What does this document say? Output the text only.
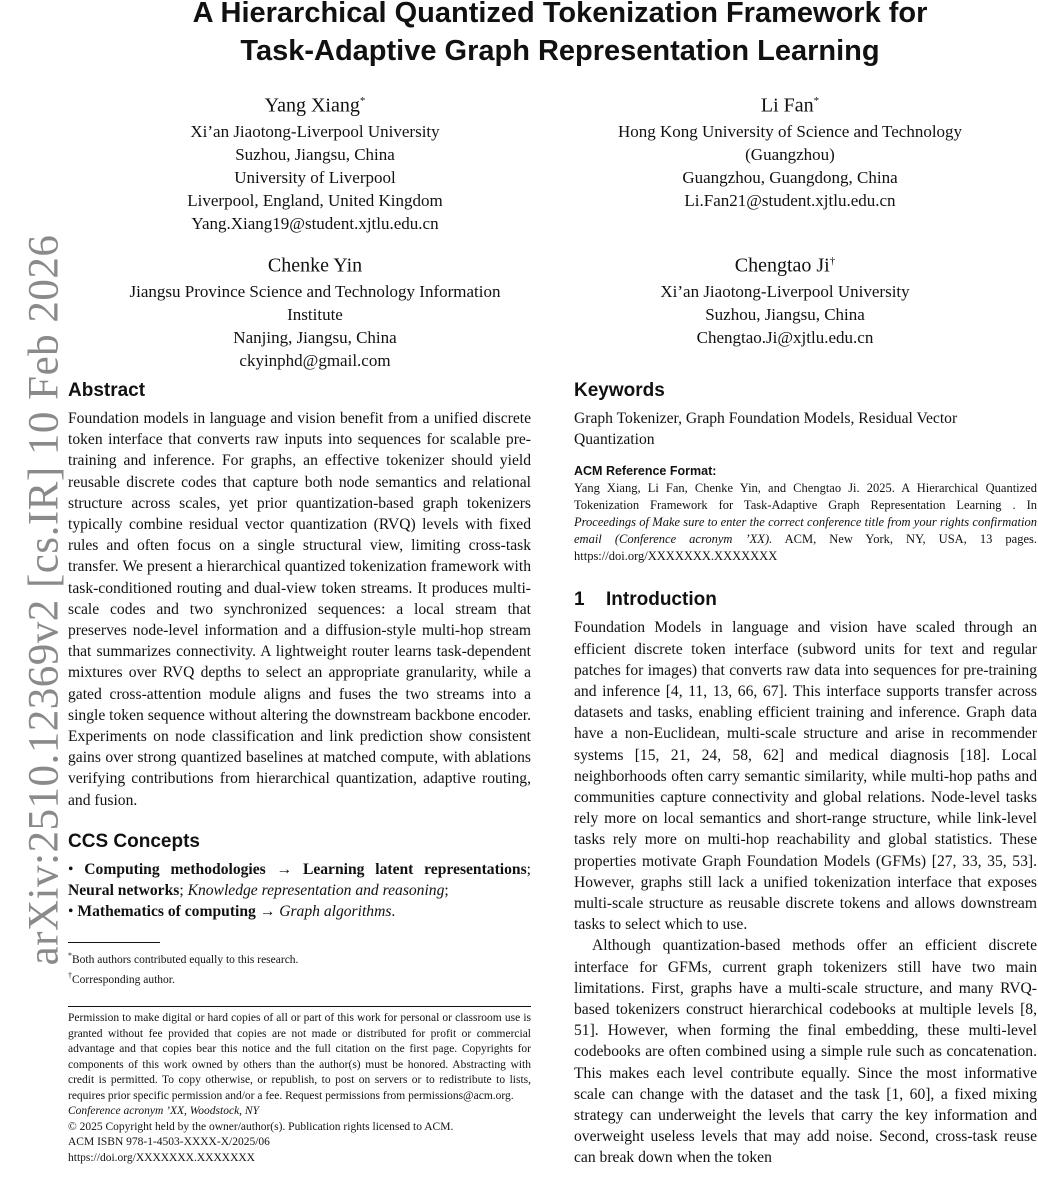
arXiv:2510.12369v2 [cs.IR] 10 Feb 2026
A Hierarchical Quantized Tokenization Framework for
Task-Adaptive Graph Representation Learning
Yang Xiang*
Xi’an Jiaotong-Liverpool University
Suzhou, Jiangsu, China
University of Liverpool
Liverpool, England, United Kingdom
Yang.Xiang19@student.xjtlu.edu.cn
Li Fan*
Hong Kong University of Science and Technology
(Guangzhou)
Guangzhou, Guangdong, China
Li.Fan21@student.xjtlu.edu.cn
Chenke Yin
Jiangsu Province Science and Technology Information
Institute
Nanjing, Jiangsu, China
ckyinphd@gmail.com
Chengtao Ji†
Xi’an Jiaotong-Liverpool University
Suzhou, Jiangsu, China
Chengtao.Ji@xjtlu.edu.cn
Abstract

Foundation models in language and vision benefit from a unified discrete token interface that converts raw inputs into sequences for scalable pre-training and inference. For graphs, an effective tokenizer should yield reusable discrete codes that capture both node semantics and relational structure across scales, yet prior quantization-based graph tokenizers typically combine residual vector quantization (RVQ) levels with fixed rules and often focus on a single structural view, limiting cross-task transfer. We present a hierarchical quantized tokenization framework with task-conditioned routing and dual-view token streams. It produces multi-scale codes and two synchronized sequences: a local stream that preserves node-level information and a diffusion-style multi-hop stream that summarizes connectivity. A lightweight router learns task-dependent mixtures over RVQ depths to select an appropriate granularity, while a gated cross-attention module aligns and fuses the two streams into a single token sequence without altering the downstream backbone encoder. Experiments on node classification and link prediction show consistent gains over strong quantized baselines at matched compute, with ablations verifying contributions from hierarchical quantization, adaptive routing, and fusion.

CCS Concepts

• Computing methodologies → Learning latent representations; Neural networks; Knowledge representation and reasoning;
• Mathematics of computing → Graph algorithms.

*Both authors contributed equally to this research.

†Corresponding author.

Permission to make digital or hard copies of all or part of this work for personal or classroom use is granted without fee provided that copies are not made or distributed for profit or commercial advantage and that copies bear this notice and the full citation on the first page. Copyrights for components of this work owned by others than the author(s) must be honored. Abstracting with credit is permitted. To copy otherwise, or republish, to post on servers or to redistribute to lists, requires prior specific permission and/or a fee. Request permissions from permissions@acm.org.

Conference acronym ’XX, Woodstock, NY

© 2025 Copyright held by the owner/author(s). Publication rights licensed to ACM.

ACM ISBN 978-1-4503-XXXX-X/2025/06

https://doi.org/XXXXXXX.XXXXXXX

Keywords

Graph Tokenizer, Graph Foundation Models, Residual Vector Quantization

ACM Reference Format:

Yang Xiang, Li Fan, Chenke Yin, and Chengtao Ji. 2025. A Hierarchical Quantized Tokenization Framework for Task-Adaptive Graph Representation Learning . In Proceedings of Make sure to enter the correct conference title from your rights confirmation email (Conference acronym ’XX). ACM, New York, NY, USA, 13 pages. https://doi.org/XXXXXXX.XXXXXXX

1 Introduction

Foundation Models in language and vision have scaled through an efficient discrete token interface (subword units for text and regular patches for images) that converts raw data into sequences for pre-training and inference [4, 11, 13, 66, 67]. This interface supports transfer across datasets and tasks, enabling efficient training and inference. Graph data have a non-Euclidean, multi-scale structure and arise in recommender systems [15, 21, 24, 58, 62] and medical diagnosis [18]. Local neighborhoods often carry semantic similarity, while multi-hop paths and communities capture connectivity and global relations. Node-level tasks rely more on local semantics and short-range structure, while link-level tasks rely more on multi-hop reachability and global statistics. These properties motivate Graph Foundation Models (GFMs) [27, 33, 35, 53]. However, graphs still lack a unified tokenization interface that exposes multi-scale structure as reusable discrete tokens and allows downstream tasks to select which to use.

Although quantization-based methods offer an efficient discrete interface for GFMs, current graph tokenizers still have two main limitations. First, graphs have a multi-scale structure, and many RVQ-based tokenizers construct hierarchical codebooks at multiple levels [8, 51]. However, when forming the final embedding, these multi-level codebooks are often combined using a simple rule such as concatenation. This makes each level contribute equally. Since the most informative scale can change with the dataset and the task [1, 60], a fixed mixing strategy can underweight the levels that carry the key information and overweight useless levels that may add noise. Second, cross-task reuse can break down when the token
